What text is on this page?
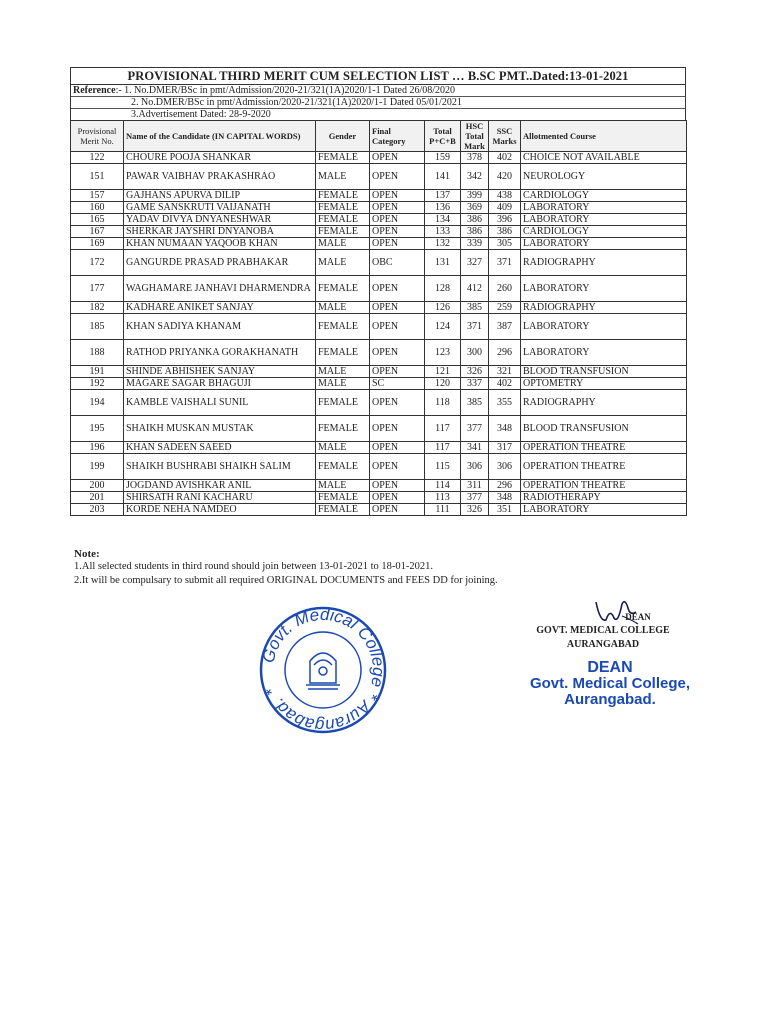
PROVISIONAL THIRD MERIT CUM SELECTION LIST … B.SC PMT..Dated:13-01-2021
Reference:- 1. No.DMER/BSc in pmt/Admission/2020-21/321(1A)2020/1-1 Dated 26/08/2020
2. No.DMER/BSc in pmt/Admission/2020-21/321(1A)2020/1-1 Dated 05/01/2021
3.Advertisement Dated: 28-9-2020
Provisional Merit No.	Name of the Candidate (IN CAPITAL WORDS)	Gender	Final Category	Total P+C+B	HSC Total Mark	SSC Marks	Allotmented Course
122	CHOURE POOJA SHANKAR	FEMALE	OPEN	159	378	402	CHOICE NOT AVAILABLE
151	PAWAR VAIBHAV PRAKASHRAO	MALE	OPEN	141	342	420	NEUROLOGY
157	GAJHANS APURVA DILIP	FEMALE	OPEN	137	399	438	CARDIOLOGY
160	GAME SANSKRUTI VAIJANATH	FEMALE	OPEN	136	369	409	LABORATORY
165	YADAV DIVYA DNYANESHWAR	FEMALE	OPEN	134	386	396	LABORATORY
167	SHERKAR JAYSHRI DNYANOBA	FEMALE	OPEN	133	386	386	CARDIOLOGY
169	KHAN NUMAAN YAQOOB KHAN	MALE	OPEN	132	339	305	LABORATORY
172	GANGURDE PRASAD PRABHAKAR	MALE	OBC	131	327	371	RADIOGRAPHY
177	WAGHAMARE JANHAVI DHARMENDRA	FEMALE	OPEN	128	412	260	LABORATORY
182	KADHARE ANIKET SANJAY	MALE	OPEN	126	385	259	RADIOGRAPHY
185	KHAN SADIYA KHANAM	FEMALE	OPEN	124	371	387	LABORATORY
188	RATHOD PRIYANKA GORAKHANATH	FEMALE	OPEN	123	300	296	LABORATORY
191	SHINDE ABHISHEK SANJAY	MALE	OPEN	121	326	321	BLOOD TRANSFUSION
192	MAGARE SAGAR BHAGUJI	MALE	SC	120	337	402	OPTOMETRY
194	KAMBLE VAISHALI SUNIL	FEMALE	OPEN	118	385	355	RADIOGRAPHY
195	SHAIKH MUSKAN MUSTAK	FEMALE	OPEN	117	377	348	BLOOD TRANSFUSION
196	KHAN SADEEN SAEED	MALE	OPEN	117	341	317	OPERATION THEATRE
199	SHAIKH BUSHRABI SHAIKH SALIM	FEMALE	OPEN	115	306	306	OPERATION THEATRE
200	JOGDAND AVISHKAR ANIL	MALE	OPEN	114	311	296	OPERATION THEATRE
201	SHIRSATH RANI KACHARU	FEMALE	OPEN	113	377	348	RADIOTHERAPY
203	KORDE NEHA NAMDEO	FEMALE	OPEN	111	326	351	LABORATORY
Note:
1.All selected students in third round should join between 13-01-2021 to 18-01-2021.
2.It will be compulsary to submit all required ORIGINAL DOCUMENTS and FEES DD for joining.
Govt. Medical College * Aurangabad. *
DEAN
GOVT. MEDICAL COLLEGE
AURANGABAD
DEAN
Govt. Medical College,
Aurangabad.
